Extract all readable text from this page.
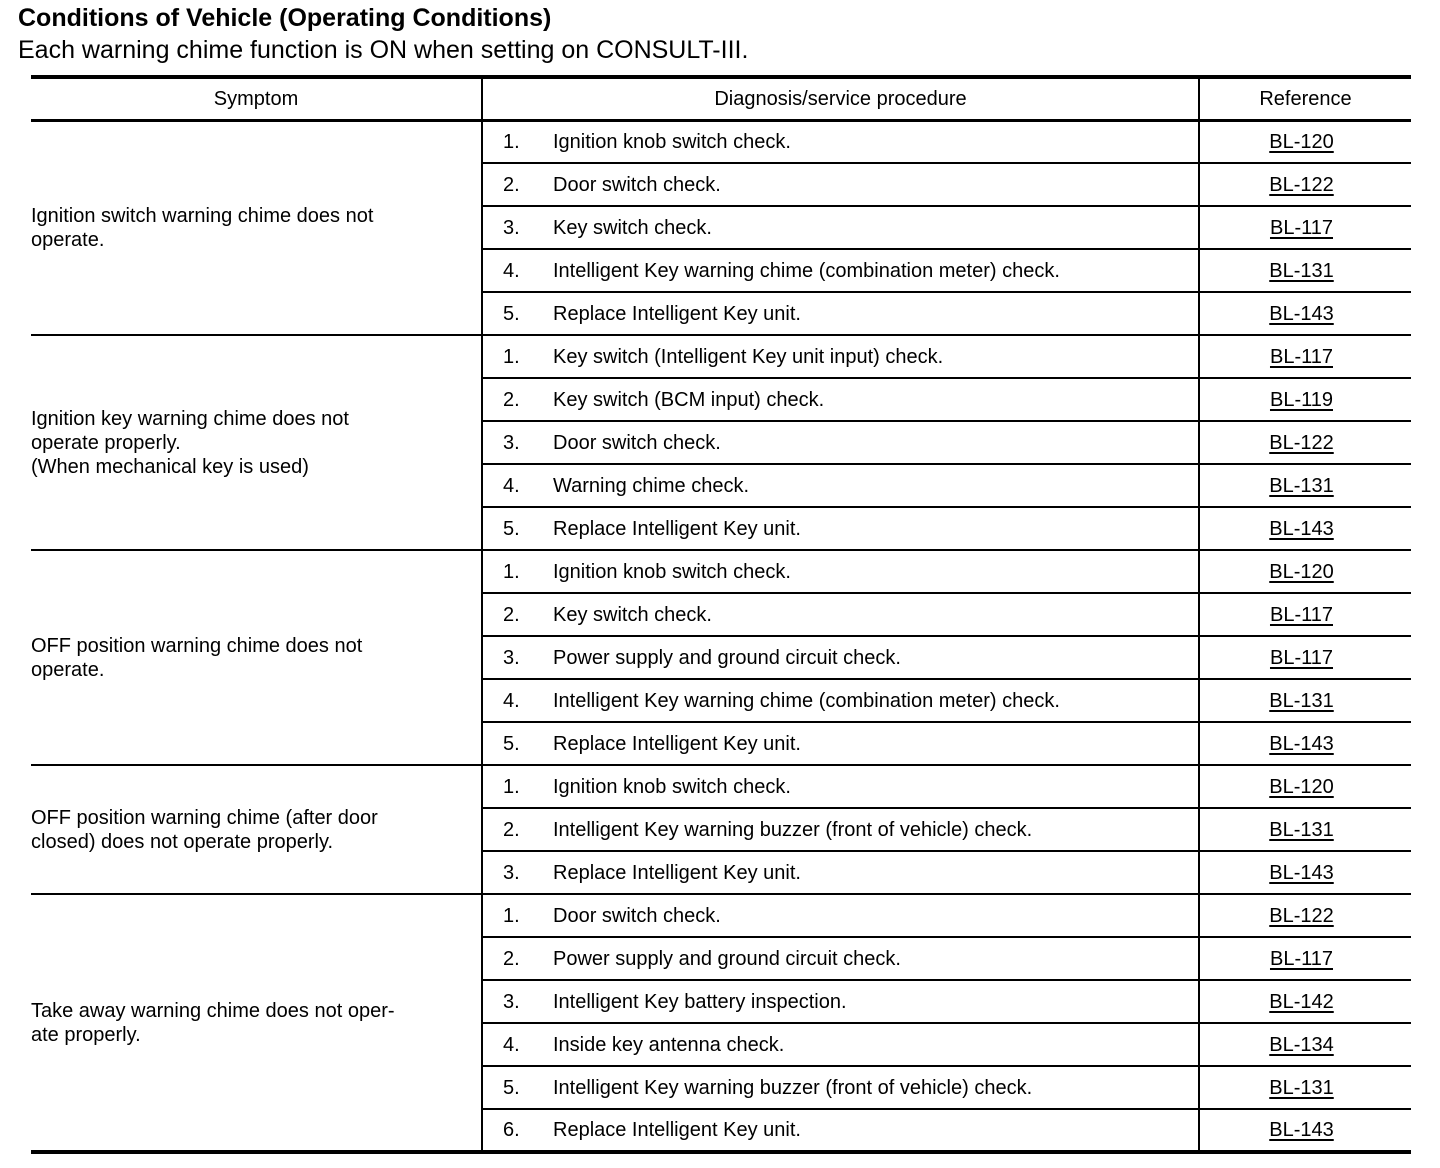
Conditions of Vehicle (Operating Conditions)
Each warning chime function is ON when setting on CONSULT-III.
Symptom	Diagnosis/service procedure	Reference

Ignition switch warning chime does not
operate.	1. Ignition knob switch check.	BL-120
	2. Door switch check.	BL-122
	3. Key switch check.	BL-117
	4. Intelligent Key warning chime (combination meter) check.	BL-131
	5. Replace Intelligent Key unit.	BL-143

Ignition key warning chime does not
operate properly.
(When mechanical key is used)	1. Key switch (Intelligent Key unit input) check.	BL-117
	2. Key switch (BCM input) check.	BL-119
	3. Door switch check.	BL-122
	4. Warning chime check.	BL-131
	5. Replace Intelligent Key unit.	BL-143

OFF position warning chime does not
operate.	1. Ignition knob switch check.	BL-120
	2. Key switch check.	BL-117
	3. Power supply and ground circuit check.	BL-117
	4. Intelligent Key warning chime (combination meter) check.	BL-131
	5. Replace Intelligent Key unit.	BL-143

OFF position warning chime (after door
closed) does not operate properly.	1. Ignition knob switch check.	BL-120
	2. Intelligent Key warning buzzer (front of vehicle) check.	BL-131
	3. Replace Intelligent Key unit.	BL-143

Take away warning chime does not oper-
ate properly.	1. Door switch check.	BL-122
	2. Power supply and ground circuit check.	BL-117
	3. Intelligent Key battery inspection.	BL-142
	4. Inside key antenna check.	BL-134
	5. Intelligent Key warning buzzer (front of vehicle) check.	BL-131
	6. Replace Intelligent Key unit.	BL-143
